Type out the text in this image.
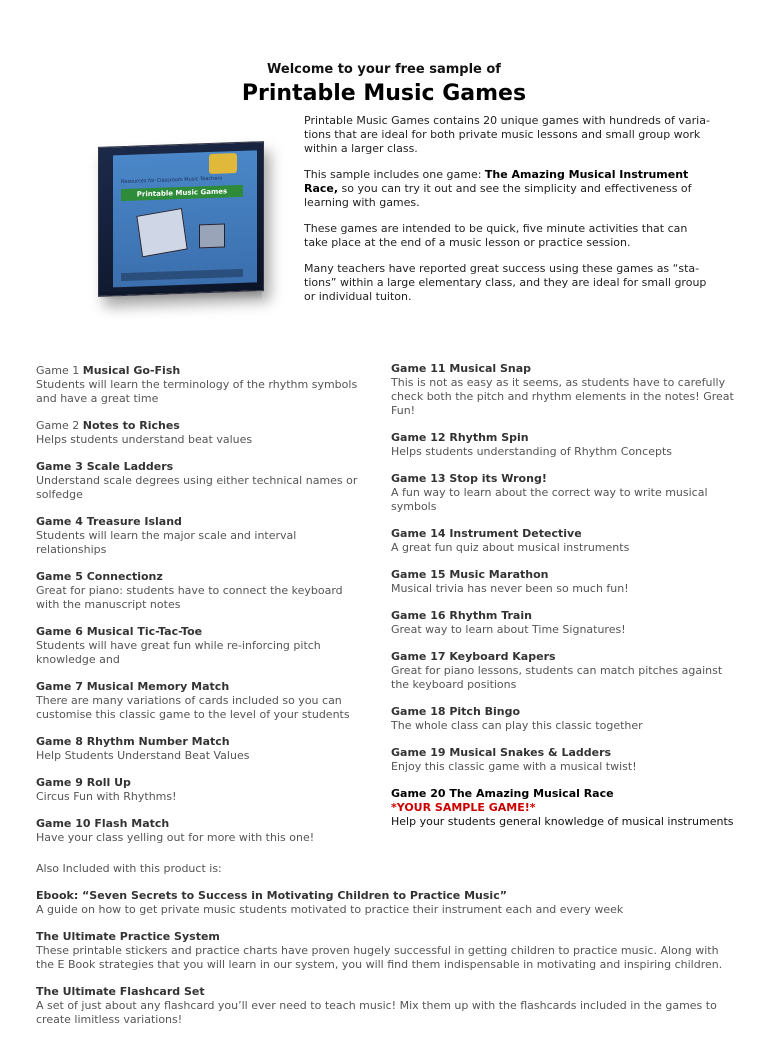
Welcome to your free sample of
Printable Music Games
Resources for Classroom Music Teachers
Printable Music Games

Printable Music Games contains 20 unique games with hundreds of varia-tions that are ideal for both private music lessons and small group work within a larger class.

This sample includes one game: The Amazing Musical Instrument Race, so you can try it out and see the simplicity and effectiveness of learning with games.

These games are intended to be quick, five minute activities that can take place at the end of a music lesson or practice session.

Many teachers have reported great success using these games as “sta-tions” within a large elementary class, and they are ideal for small group or individual tuiton.

Game 1 Musical Go-Fish
Students will learn the terminology of the rhythm symbols and have a great time
Game 2 Notes to Riches
Helps students understand beat values
Game 3 Scale Ladders
Understand scale degrees using either technical names or solfedge
Game 4 Treasure Island
Students will learn the major scale and interval relationships
Game 5 Connectionz
Great for piano: students have to connect the keyboard with the manuscript notes
Game 6 Musical Tic-Tac-Toe
Students will have great fun while re-inforcing pitch knowledge and
Game 7 Musical Memory Match
There are many variations of cards included so you can customise this classic game to the level of your students
Game 8 Rhythm Number Match
Help Students Understand Beat Values
Game 9 Roll Up
Circus Fun with Rhythms!
Game 10 Flash Match
Have your class yelling out for more with this one!
Game 11 Musical Snap
This is not as easy as it seems, as students have to carefully check both the pitch and rhythm elements in the notes! Great Fun!
Game 12 Rhythm Spin
Helps students understanding of Rhythm Concepts
Game 13 Stop its Wrong!
A fun way to learn about the correct way to write musical symbols
Game 14 Instrument Detective
A great fun quiz about musical instruments
Game 15 Music Marathon
Musical trivia has never been so much fun!
Game 16 Rhythm Train
Great way to learn about Time Signatures!
Game 17 Keyboard Kapers
Great for piano lessons, students can match pitches against the keyboard positions
Game 18 Pitch Bingo
The whole class can play this classic together
Game 19 Musical Snakes & Ladders
Enjoy this classic game with a musical twist!
Game 20 The Amazing Musical Race
*YOUR SAMPLE GAME!*
Help your students general knowledge of musical instruments
Also Included with this product is:
Ebook: “Seven Secrets to Success in Motivating Children to Practice Music”
A guide on how to get private music students motivated to practice their instrument each and every week
The Ultimate Practice System
These printable stickers and practice charts have proven hugely successful in getting children to practice music. Along with the E Book strategies that you will learn in our system, you will find them indispensable in motivating and inspiring children.
The Ultimate Flashcard Set
A set of just about any flashcard you’ll ever need to teach music! Mix them up with the flashcards included in the games to create limitless variations!
